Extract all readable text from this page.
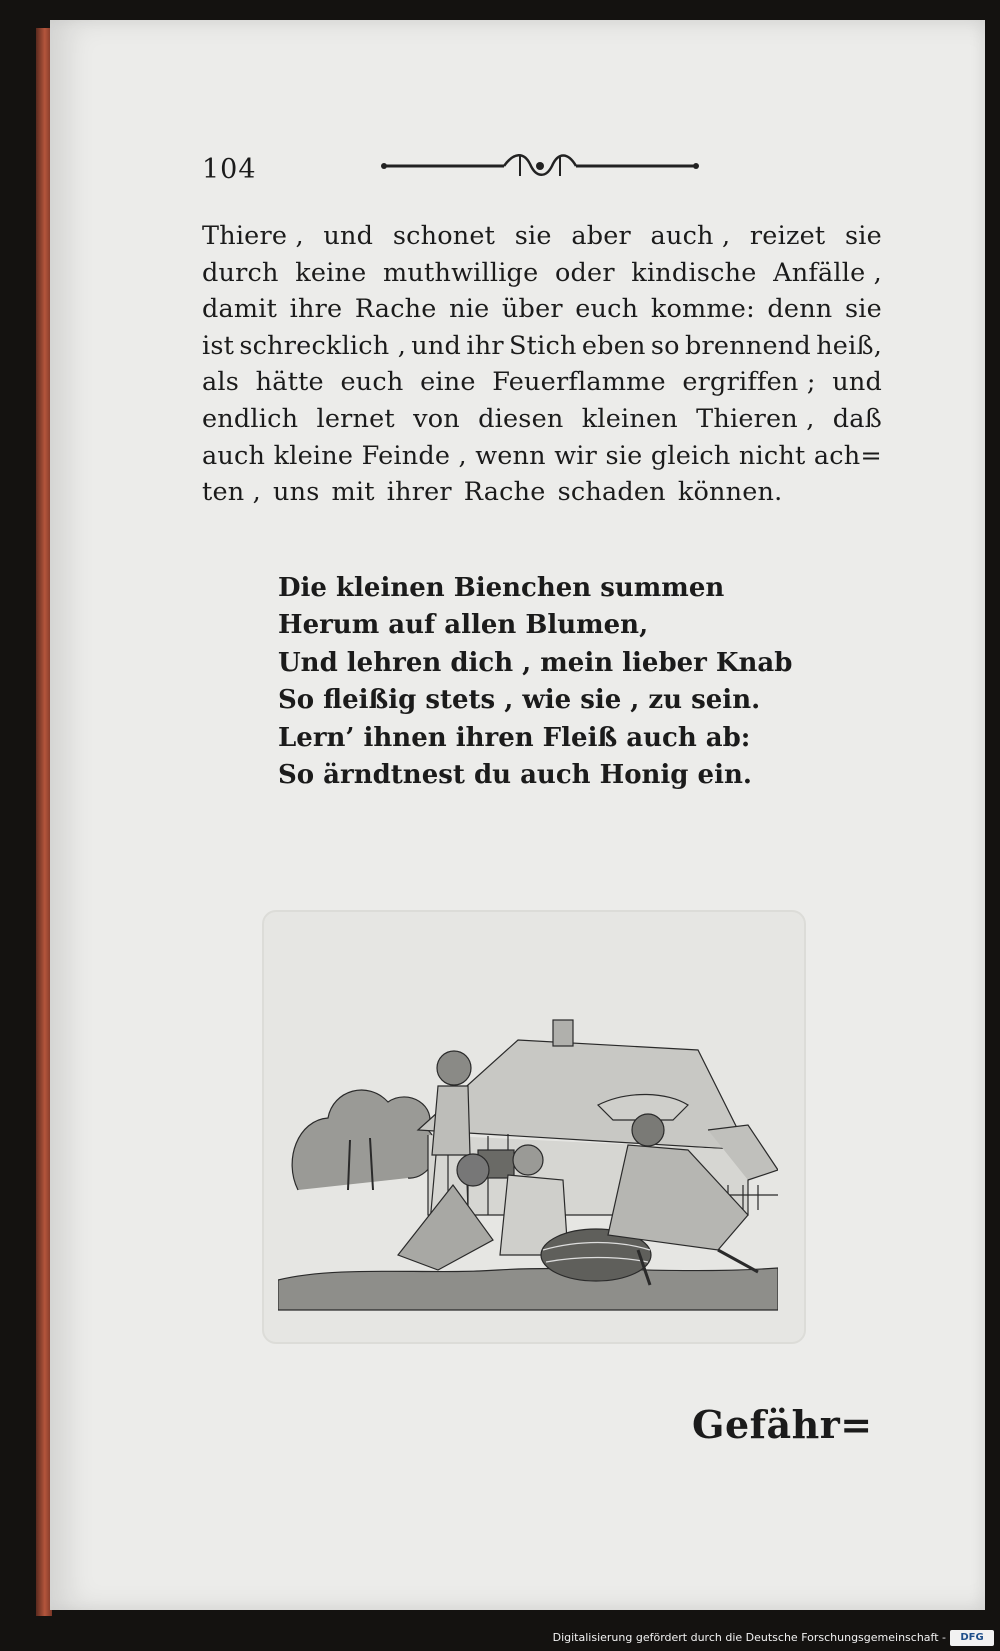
104
Thiere , und schonet sie aber auch , reizet sie
durch keine muthwillige oder kindische Anfälle ,
damit ihre Rache nie über euch komme: denn sie
ist schrecklich , und ihr Stich eben so brennend heiß,
als hätte euch eine Feuerflamme ergriffen ; und
endlich lernet von diesen kleinen Thieren , daß
auch kleine Feinde , wenn wir sie gleich nicht ach=
ten , uns mit ihrer Rache schaden können.
Die kleinen Bienchen summen
Herum auf allen Blumen,
Und lehren dich , mein lieber Knab
So fleißig stets , wie sie , zu sein.
Lern’ ihnen ihren Fleiß auch ab:
So ärndtnest du auch Honig ein.
Gefähr=
Digitalisierung gefördert durch die Deutsche Forschungsgemeinschaft -	DFG
